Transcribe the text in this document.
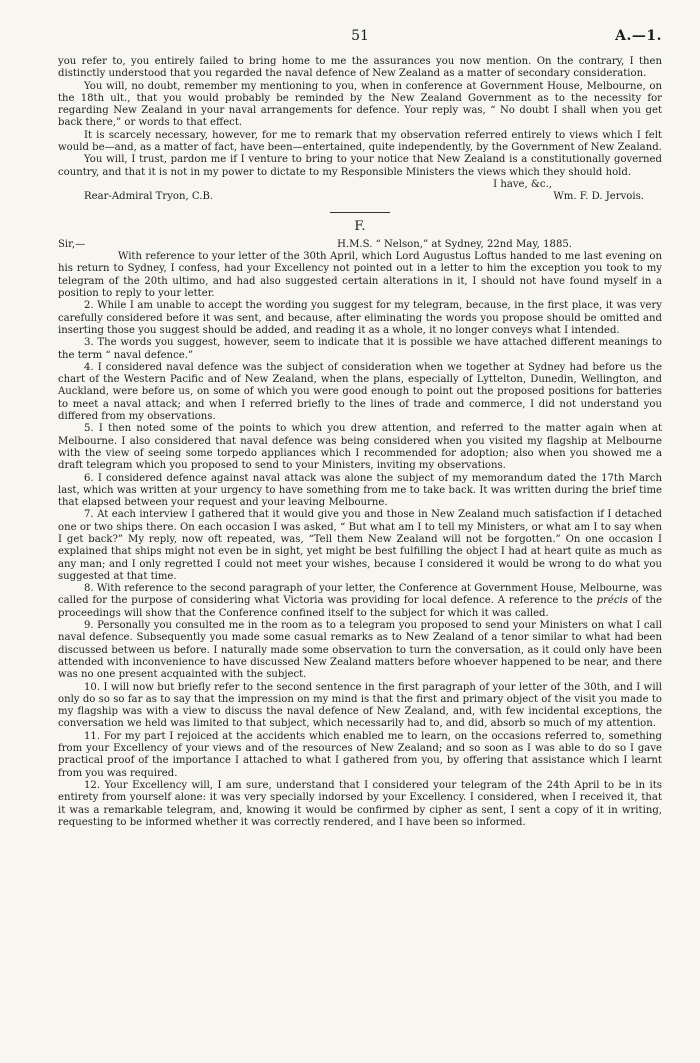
51	A.—1.

you refer to, you entirely failed to bring home to me the assurances you now mention. On the contrary, I then distinctly understood that you regarded the naval defence of New Zealand as a matter of secondary consideration.

You will, no doubt, remember my mentioning to you, when in conference at Government House, Melbourne, on the 18th ult., that you would probably be reminded by the New Zealand Government as to the necessity for regarding New Zealand in your naval arrangements for defence. Your reply was, “ No doubt I shall when you get back there,” or words to that effect.

It is scarcely necessary, however, for me to remark that my observation referred entirely to views which I felt would be—and, as a matter of fact, have been—entertained, quite independently, by the Government of New Zealand.

You will, I trust, pardon me if I venture to bring to your notice that New Zealand is a constitutionally governed country, and that it is not in my power to dictate to my Responsible Ministers the views which they should hold.

I have, &c.,
Rear-Admiral Tryon, C.B.	Wm. F. D. Jervois.
F.
Sir,—	H.M.S. “ Nelson,” at Sydney, 22nd May, 1885.

With reference to your letter of the 30th April, which Lord Augustus Loftus handed to me last evening on his return to Sydney, I confess, had your Excellency not pointed out in a letter to him the exception you took to my telegram of the 20th ultimo, and had also suggested certain alterations in it, I should not have found myself in a position to reply to your letter.

2. While I am unable to accept the wording you suggest for my telegram, because, in the first place, it was very carefully considered before it was sent, and because, after eliminating the words you propose should be omitted and inserting those you suggest should be added, and reading it as a whole, it no longer conveys what I intended.

3. The words you suggest, however, seem to indicate that it is possible we have attached different meanings to the term “ naval defence.”

4. I considered naval defence was the subject of consideration when we together at Sydney had before us the chart of the Western Pacific and of New Zealand, when the plans, especially of Lyttelton, Dunedin, Wellington, and Auckland, were before us, on some of which you were good enough to point out the proposed positions for batteries to meet a naval attack; and when I referred briefly to the lines of trade and commerce, I did not understand you differed from my observations.

5. I then noted some of the points to which you drew attention, and referred to the matter again when at Melbourne. I also considered that naval defence was being considered when you visited my flagship at Melbourne with the view of seeing some torpedo appliances which I recommended for adoption; also when you showed me a draft telegram which you proposed to send to your Ministers, inviting my observations.

6. I considered defence against naval attack was alone the subject of my memorandum dated the 17th March last, which was written at your urgency to have something from me to take back. It was written during the brief time that elapsed between your request and your leaving Melbourne.

7. At each interview I gathered that it would give you and those in New Zealand much satisfaction if I detached one or two ships there. On each occasion I was asked, “ But what am I to tell my Ministers, or what am I to say when I get back?” My reply, now oft repeated, was, “Tell them New Zealand will not be forgotten.” On one occasion I explained that ships might not even be in sight, yet might be best fulfilling the object I had at heart quite as much as any man; and I only regretted I could not meet your wishes, because I considered it would be wrong to do what you suggested at that time.

8. With reference to the second paragraph of your letter, the Conference at Government House, Melbourne, was called for the purpose of considering what Victoria was providing for local defence. A reference to the précis of the proceedings will show that the Conference confined itself to the subject for which it was called.

9. Personally you consulted me in the room as to a telegram you proposed to send your Ministers on what I call naval defence. Subsequently you made some casual remarks as to New Zealand of a tenor similar to what had been discussed between us before. I naturally made some observation to turn the conversation, as it could only have been attended with inconvenience to have discussed New Zealand matters before whoever happened to be near, and there was no one present acquainted with the subject.

10. I will now but briefly refer to the second sentence in the first paragraph of your letter of the 30th, and I will only do so so far as to say that the impression on my mind is that the first and primary object of the visit you made to my flagship was with a view to discuss the naval defence of New Zealand, and, with few incidental exceptions, the conversation we held was limited to that subject, which necessarily had to, and did, absorb so much of my attention.

11. For my part I rejoiced at the accidents which enabled me to learn, on the occasions referred to, something from your Excellency of your views and of the resources of New Zealand; and so soon as I was able to do so I gave practical proof of the importance I attached to what I gathered from you, by offering that assistance which I learnt from you was required.

12. Your Excellency will, I am sure, understand that I considered your telegram of the 24th April to be in its entirety from yourself alone: it was very specially indorsed by your Excellency. I considered, when I received it, that it was a remarkable telegram, and, knowing it would be confirmed by cipher as sent, I sent a copy of it in writing, requesting to be informed whether it was correctly rendered, and I have been so informed.
